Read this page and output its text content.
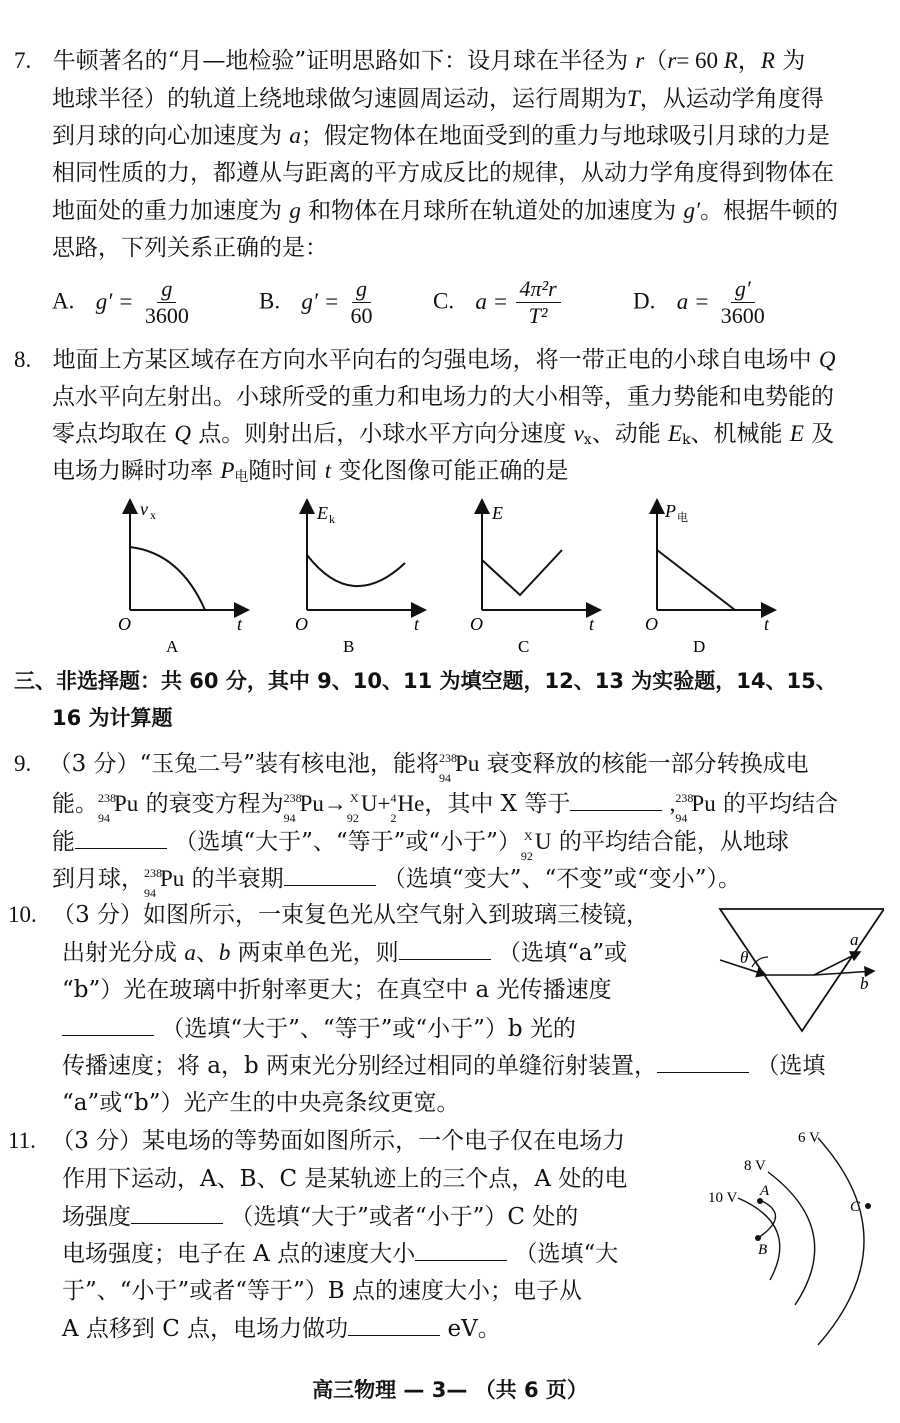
7. 牛顿著名的“月—地检验”证明思路如下：设月球在半径为 r（r= 60 R，R 为
地球半径）的轨道上绕地球做匀速圆周运动，运行周期为T，从运动学角度得
到月球的向心加速度为 a；假定物体在地面受到的重力与地球吸引月球的力是
相同性质的力，都遵从与距离的平方成反比的规律，从动力学角度得到物体在
地面处的重力加速度为 g 和物体在月球所在轨道处的加速度为 g′。根据牛顿的
思路，下列关系正确的是：
A. $g' = \frac{g}{3600}$	B. $g' = \frac{g}{60} C$. $a = \frac{\text{4π²r}}{\text{T²}}$	D. $a = \frac{g'}{3600}$
8. 地面上方某区域存在方向水平向右的匀强电场，将一带正电的小球自电场中 Q
点水平向左射出。小球所受的重力和电场力的大小相等，重力势能和电势能的
零点均取在 Q 点。则射出后，小球水平方向分速度 $v_x$、动能 $E_k$、机械能 E 及
电场力瞬时功率 $P_电$随时间 t 变化图像可能正确的是
v x
O	t
A
E k
O	t
B
E
O	t
C
P 电
O	t
D
三、非选择题：共 60 分，其中 9、10、11 为填空题，12、13 为实验题，14、15、
16 为计算题
9. （3 分）“玉兔二号”装有核电池，能将 238
94
Pu 衰变释放的核能一部分转换成电
能。 238
94
Pu 的衰变方程为 238
94
Pu→ X
92
U+ 4
2
He，其中 X 等于	, 238
94
Pu 的平均结合
能	（选填“大于”、“等于”或“小于”） X
92
U 的平均结合能，从地球
到月球， 238
94
Pu 的半衰期	（选填“变大”、“不变”或“变小”）。
10. （3 分）如图所示，一束复色光从空气射入到玻璃三棱镜，
出射光分成 a、b 两束单色光，则	（选填“a”或
“b”）光在玻璃中折射率更大；在真空中 a 光传播速度
（选填“大于”、“等于”或“小于”）b 光的
传播速度；将 a，b 两束光分别经过相同的单缝衍射装置，	（选填
“a”或“b”）光产生的中央亮条纹更宽。
θ
a
b
11. （3 分）某电场的等势面如图所示，一个电子仅在电场力
作用下运动，A、B、C 是某轨迹上的三个点，A 处的电
场强度	（选填“大于”或者“小于”）C 处的
电场强度；电子在 A 点的速度大小	（选填“大
于”、“小于”或者“等于”）B 点的速度大小；电子从
A 点移到 C 点，电场力做功	eV。
6 V
8 V
10 V A
B
C
高三物理 — 3— （共 6 页）
